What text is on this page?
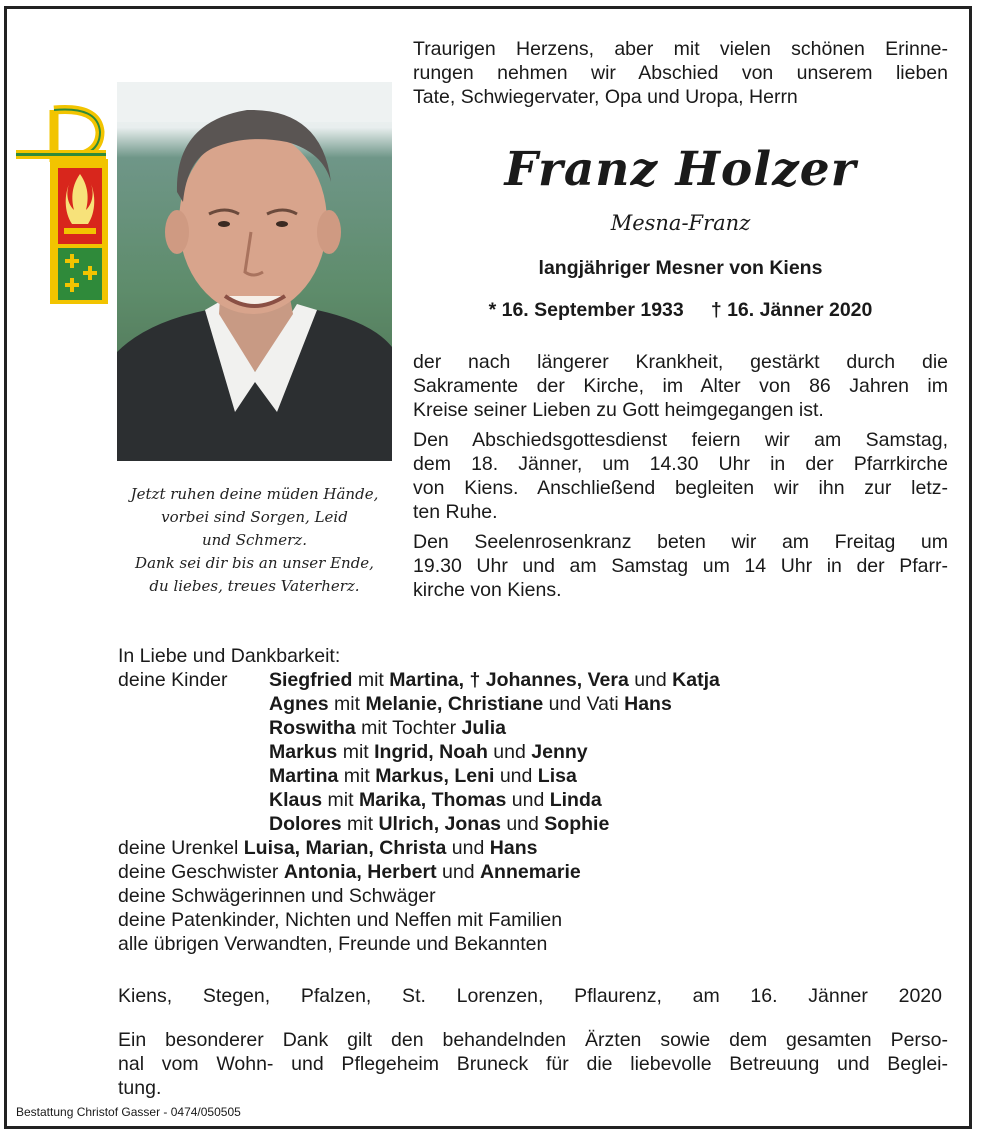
Jetzt ruhen deine müden Hände,
vorbei sind Sorgen, Leid
und Schmerz.
Dank sei dir bis an unser Ende,
du liebes, treues Vaterherz.
Traurigen Herzens, aber mit vielen schönen Erinne-
rungen nehmen wir Abschied von unserem lieben
Tate, Schwiegervater, Opa und Uropa, Herrn
Franz Holzer
Mesna-Franz
langjähriger Mesner von Kiens
* 16. September 1933 † 16. Jänner 2020
der nach längerer Krankheit, gestärkt durch die
Sakramente der Kirche, im Alter von 86 Jahren im
Kreise seiner Lieben zu Gott heimgegangen ist.
Den Abschiedsgottesdienst feiern wir am Samstag,
dem 18. Jänner, um 14.30 Uhr in der Pfarrkirche
von Kiens. Anschließend begleiten wir ihn zur letz-
ten Ruhe.
Den Seelenrosenkranz beten wir am Freitag um
19.30 Uhr und am Samstag um 14 Uhr in der Pfarr-
kirche von Kiens.
In Liebe und Dankbarkeit:
deine Kinder Siegfried mit Martina, † Johannes, Vera und Katja
Agnes mit Melanie, Christiane und Vati Hans
Roswitha mit Tochter Julia
Markus mit Ingrid, Noah und Jenny
Martina mit Markus, Leni und Lisa
Klaus mit Marika, Thomas und Linda
Dolores mit Ulrich, Jonas und Sophie
deine Urenkel Luisa, Marian, Christa und Hans
deine Geschwister Antonia, Herbert und Annemarie
deine Schwägerinnen und Schwäger
deine Patenkinder, Nichten und Neffen mit Familien
alle übrigen Verwandten, Freunde und Bekannten
Kiens, Stegen, Pfalzen, St. Lorenzen, Pflaurenz, am 16. Jänner 2020
Ein besonderer Dank gilt den behandelnden Ärzten sowie dem gesamten Perso-
nal vom Wohn- und Pflegeheim Bruneck für die liebevolle Betreuung und Beglei-
tung.
Bestattung Christof Gasser - 0474/050505
